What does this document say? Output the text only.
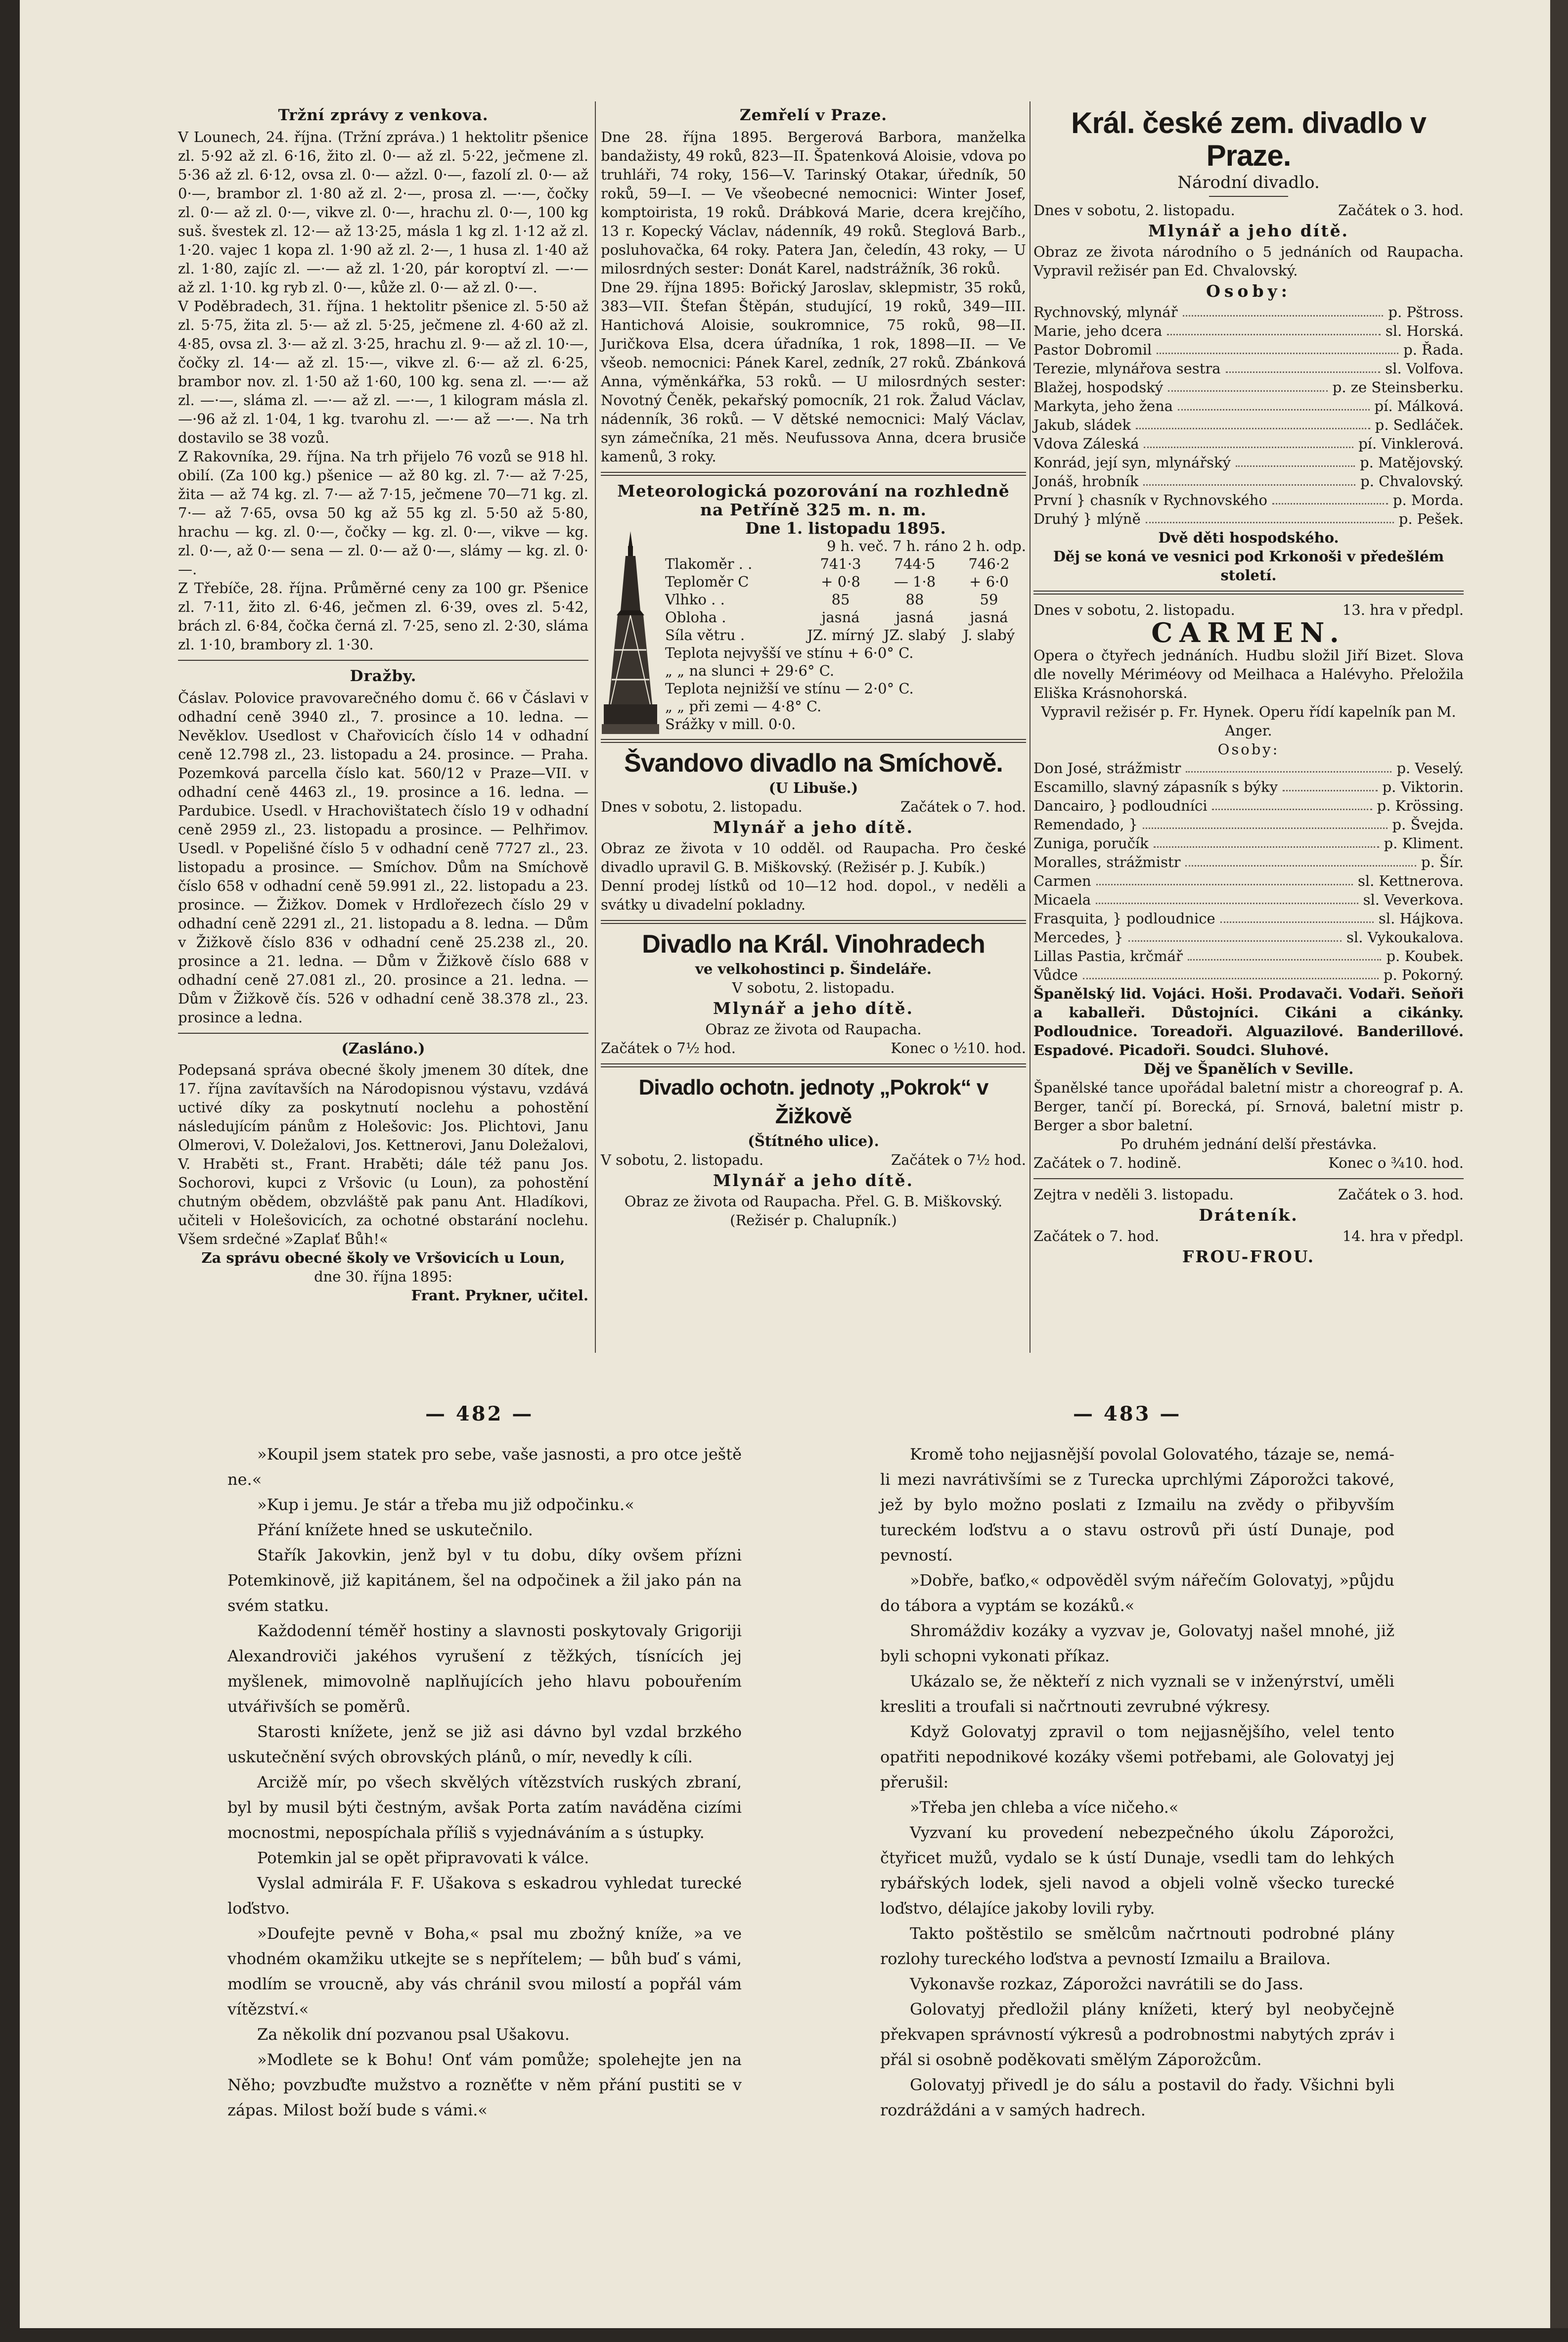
Tržní zprávy z venkova.

V Lounech, 24. října. (Tržní zpráva.) 1 hektolitr pšenice zl. 5·92 až zl. 6·16, žito zl. 0·— až zl. 5·22, ječmene zl. 5·36 až zl. 6·12, ovsa zl. 0·— ažzl. 0·—, fazolí zl. 0·— až 0·—, brambor zl. 1·80 až zl. 2·—, prosa zl. —·—, čočky zl. 0·— až zl. 0·—, vikve zl. 0·—, hrachu zl. 0·—, 100 kg suš. švestek zl. 12·— až 13·25, másla 1 kg zl. 1·12 až zl. 1·20. vajec 1 kopa zl. 1·90 až zl. 2·—, 1 husa zl. 1·40 až zl. 1·80, zajíc zl. —·— až zl. 1·20, pár koroptví zl. —·— až zl. 1·10. kg ryb zl. 0·—, kůže zl. 0·— až zl. 0·—.

V Poděbradech, 31. října. 1 hektolitr pšenice zl. 5·50 až zl. 5·75, žita zl. 5·— až zl. 5·25, ječmene zl. 4·60 až zl. 4·85, ovsa zl. 3·— až zl. 3·25, hrachu zl. 9·— až zl. 10·—, čočky zl. 14·— až zl. 15·—, vikve zl. 6·— až zl. 6·25, brambor nov. zl. 1·50 až 1·60, 100 kg. sena zl. —·— až zl. —·—, sláma zl. —·— až zl. —·—, 1 kilogram másla zl. —·96 až zl. 1·04, 1 kg. tvarohu zl. —·— až —·—. Na trh dostavilo se 38 vozů.

Z Rakovníka, 29. října. Na trh přijelo 76 vozů se 918 hl. obilí. (Za 100 kg.) pšenice — až 80 kg. zl. 7·— až 7·25, žita — až 74 kg. zl. 7·— až 7·15, ječmene 70—71 kg. zl. 7·— až 7·65, ovsa 50 kg až 55 kg zl. 5·50 až 5·80, hrachu — kg. zl. 0·—, čočky — kg. zl. 0·—, vikve — kg. zl. 0·—, až 0·— sena — zl. 0·— až 0·—, slámy — kg. zl. 0·—.

Z Třebíče, 28. října. Průměrné ceny za 100 gr. Pšenice zl. 7·11, žito zl. 6·46, ječmen zl. 6·39, oves zl. 5·42, brách zl. 6·84, čočka černá zl. 7·25, seno zl. 2·30, sláma zl. 1·10, brambory zl. 1·30.

Dražby.

Čáslav. Polovice pravovarečného domu č. 66 v Čáslavi v odhadní ceně 3940 zl., 7. prosince a 10. ledna. — Nevěklov. Usedlost v Chařovicích číslo 14 v odhadní ceně 12.798 zl., 23. listopadu a 24. prosince. — Praha. Pozemková parcella číslo kat. 560/12 v Praze—VII. v odhadní ceně 4463 zl., 19. prosince a 16. ledna. — Pardubice. Usedl. v Hrachovištatech číslo 19 v odhadní ceně 2959 zl., 23. listopadu a prosince. — Pelhřimov. Usedl. v Popelišné číslo 5 v odhadní ceně 7727 zl., 23. listopadu a prosince. — Smíchov. Dům na Smíchově číslo 658 v odhadní ceně 59.991 zl., 22. listopadu a 23. prosince. — Žižkov. Domek v Hrdlořezech číslo 29 v odhadní ceně 2291 zl., 21. listopadu a 8. ledna. — Dům v Žižkově číslo 836 v odhadní ceně 25.238 zl., 20. prosince a 21. ledna. — Dům v Žižkově číslo 688 v odhadní ceně 27.081 zl., 20. prosince a 21. ledna. — Dům v Žižkově čís. 526 v odhadní ceně 38.378 zl., 23. prosince a ledna.

(Zasláno.)

Podepsaná správa obecné školy jmenem 30 dítek, dne 17. října zavítavších na Národopisnou výstavu, vzdává uctivé díky za poskytnutí noclehu a pohostění následujícím pánům z Holešovic: Jos. Plichtovi, Janu Olmerovi, V. Doležalovi, Jos. Kettnerovi, Janu Doležalovi, V. Hraběti st., Frant. Hraběti; dále též panu Jos. Sochorovi, kupci z Vršovic (u Loun), za pohostění chutným obědem, obzvláště pak panu Ant. Hladíkovi, učiteli v Holešovicích, za ochotné obstarání noclehu. Všem srdečné »Zaplať Bůh!«

Za správu obecné školy ve Vršovicích u Loun,
dne 30. října 1895:
Frant. Prykner, učitel.
Zemřelí v Praze.

Dne 28. října 1895. Bergerová Barbora, manželka bandažisty, 49 roků, 823—II. Špatenková Aloisie, vdova po truhláři, 74 roky, 156—V. Tarinský Otakar, úředník, 50 roků, 59—I. — Ve všeobecné nemocnici: Winter Josef, komptoirista, 19 roků. Drábková Marie, dcera krejčího, 13 r. Kopecký Václav, nádenník, 49 roků. Steglová Barb., posluhovačka, 64 roky. Patera Jan, čeledín, 43 roky, — U milosrdných sester: Donát Karel, nadstrážník, 36 roků.

Dne 29. října 1895: Bořický Jaroslav, sklepmistr, 35 roků, 383—VII. Štefan Štěpán, studující, 19 roků, 349—III. Hantichová Aloisie, soukromnice, 75 roků, 98—II. Juričkova Elsa, dcera úřadníka, 1 rok, 1898—II. — Ve všeob. nemocnici: Pánek Karel, zedník, 27 roků. Zbánková Anna, výměnkářka, 53 roků. — U milosrdných sester: Novotný Čeněk, pekařský pomocník, 21 rok. Žalud Václav, nádenník, 36 roků. — V dětské nemocnici: Malý Václav, syn zámečníka, 21 měs. Neufussova Anna, dcera brusiče kamenů, 3 roky.

Meteorologická pozorování na rozhledně
na Petříně 325 m. n. m.
Dne 1. listopadu 1895.
9 h. več. 7 h. ráno 2 h. odp.
Tlakoměr . .	741·3	744·5	746·2
Teploměr C	+ 0·8	— 1·8	+ 6·0
Vlhko . .	85	88	59
Obloha .	jasná	jasná	jasná
Síla větru .	JZ. mírný JZ. slabý	J. slabý
Teplota nejvyšší ve stínu + 6·0° C.
„ „ na slunci + 29·6° C.
Teplota nejnižší ve stínu — 2·0° C.
„ „ při zemi — 4·8° C.
Srážky v mill. 0·0.
Švandovo divadlo na Smíchově.
(U Libuše.)
Dnes v sobotu, 2. listopadu.	Začátek o 7. hod.
Mlynář a jeho dítě.

Obraz ze života v 10 odděl. od Raupacha. Pro české divadlo upravil G. B. Miškovský. (Režisér p. J. Kubík.)

Denní prodej lístků od 10—12 hod. dopol., v neděli a svátky u divadelní pokladny.

Divadlo na Král. Vinohradech
ve velkohostinci p. Šindeláře.
V sobotu, 2. listopadu.
Mlynář a jeho dítě.
Obraz ze života od Raupacha.
Začátek o 7½ hod.	Konec o ½10. hod.
Divadlo ochotn. jednoty „Pokrok“ v Žižkově
(Štítného ulice).
V sobotu, 2. listopadu.	Začátek o 7½ hod.
Mlynář a jeho dítě.
Obraz ze života od Raupacha. Přel. G. B. Miškovský. (Režisér p. Chalupník.)
Král. české zem. divadlo v Praze.
Národní divadlo.
Dnes v sobotu, 2. listopadu.	Začátek o 3. hod.
Mlynář a jeho dítě.

Obraz ze života národního o 5 jednáních od Raupacha. Vypravil režisér pan Ed. Chvalovský.

Osoby:
Rychnovský, mlynář	p. Pštross.
Marie, jeho dcera	sl. Horská.
Pastor Dobromil	p. Řada.
Terezie, mlynářova sestra	sl. Volfova.
Blažej, hospodský	p. ze Steinsberku.
Markyta, jeho žena	pí. Málková.
Jakub, sládek	p. Sedláček.
Vdova Záleská	pí. Vinklerová.
Konrád, její syn, mlynářský	p. Matějovský.
Jonáš, hrobník	p. Chvalovský.
První } chasník v Rychnovského	p. Morda.
Druhý } mlýně	p. Pešek.
Dvě děti hospodského.
Děj se koná ve vesnici pod Krkonoši v předešlém století.
Dnes v sobotu, 2. listopadu.	13. hra v předpl.
CARMEN.

Opera o čtyřech jednáních. Hudbu složil Jiří Bizet. Slova dle novelly Mériméovy od Meilhaca a Halévyho. Přeložila Eliška Krásnohorská.

Vypravil režisér p. Fr. Hynek. Operu řídí kapelník pan M. Anger.

Osoby:
Don José, strážmistr	p. Veselý.
Escamillo, slavný zápasník s býky	p. Viktorin.
Dancairo, } podloudníci	p. Krössing.
Remendado, }	p. Švejda.
Zuniga, poručík	p. Kliment.
Moralles, strážmistr	p. Šír.
Carmen	sl. Kettnerova.
Micaela	sl. Veverkova.
Frasquita, } podloudnice	sl. Hájkova.
Mercedes, }	sl. Vykoukalova.
Lillas Pastia, krčmář	p. Koubek.
Vůdce	p. Pokorný.

Španělský lid. Vojáci. Hoši. Prodavači. Vodaři. Seňoři a kaballeři. Důstojníci. Cikáni a cikánky. Podloudnice. Toreadoři. Alguazilové. Banderillové. Espadové. Picadoři. Soudci. Sluhové.

Děj ve Španělích v Seville.

Španělské tance upořádal baletní mistr a choreograf p. A. Berger, tančí pí. Borecká, pí. Srnová, baletní mistr p. Berger a sbor baletní.

Po druhém jednání delší přestávka.
Začátek o 7. hodině.	Konec o ¾10. hod.
Zejtra v neděli 3. listopadu.	Začátek o 3. hod.
Dráteník.
Začátek o 7. hod.	14. hra v předpl.
FROU-FROU.
— 482 —	— 483 —

»Koupil jsem statek pro sebe, vaše jasnosti, a pro otce ještě ne.«

»Kup i jemu. Je stár a třeba mu již odpočinku.«

Přání knížete hned se uskutečnilo.

Stařík Jakovkin, jenž byl v tu dobu, díky ovšem přízni Potemkinově, již kapitánem, šel na odpočinek a žil jako pán na svém statku.

Každodenní téměř hostiny a slavnosti poskytovaly Grigoriji Alexandroviči jakéhos vyrušení z těžkých, tísnících jej myšlenek, mimovolně naplňujících jeho hlavu pobouřením utvářivších se poměrů.

Starosti knížete, jenž se již asi dávno byl vzdal brzkého uskutečnění svých obrovských plánů, o mír, nevedly k cíli.

Arcižě mír, po všech skvělých vítězstvích ruských zbraní, byl by musil býti čestným, avšak Porta zatím naváděna cizími mocnostmi, nepospíchala příliš s vyjednáváním a s ústupky.

Potemkin jal se opět připravovati k válce.

Vyslal admirála F. F. Ušakova s eskadrou vyhledat turecké loďstvo.

»Doufejte pevně v Boha,« psal mu zbožný kníže, »a ve vhodném okamžiku utkejte se s nepřítelem; — bůh buď s vámi, modlím se vroucně, aby vás chránil svou milostí a popřál vám vítězství.«

Za několik dní pozvanou psal Ušakovu.

»Modlete se k Bohu! Onť vám pomůže; spolehejte jen na Něho; povzbuďte mužstvo a rozněťte v něm přání pustiti se v zápas. Milost boží bude s vámi.«

Kromě toho nejjasnější povolal Golovatého, tázaje se, nemá-li mezi navrátivšími se z Turecka uprchlými Záporožci takové, jež by bylo možno poslati z Izmailu na zvědy o přibyvším tureckém loďstvu a o stavu ostrovů při ústí Dunaje, pod pevností.

»Dobře, baťko,« odpověděl svým nářečím Golovatyj, »půjdu do tábora a vyptám se kozáků.«

Shromáždiv kozáky a vyzvav je, Golovatyj našel mnohé, již byli schopni vykonati příkaz.

Ukázalo se, že někteří z nich vyznali se v inženýrství, uměli kresliti a troufali si načrtnouti zevrubné výkresy.

Když Golovatyj zpravil o tom nejjasnějšího, velel tento opatřiti nepodnikové kozáky všemi potřebami, ale Golovatyj jej přerušil:

»Třeba jen chleba a více ničeho.«

Vyzvaní ku provedení nebezpečného úkolu Záporožci, čtyřicet mužů, vydalo se k ústí Dunaje, vsedli tam do lehkých rybářských lodek, sjeli navod a objeli volně všecko turecké loďstvo, délajíce jakoby lovili ryby.

Takto poštěstilo se smělcům načrtnouti podrobné plány rozlohy tureckého loďstva a pevností Izmailu a Brailova.

Vykonavše rozkaz, Záporožci navrátili se do Jass.

Golovatyj předložil plány knížeti, který byl neobyčejně překvapen správností výkresů a podrobnostmi nabytých zpráv i přál si osobně poděkovati smělým Záporožcům.

Golovatyj přivedl je do sálu a postavil do řady. Všichni byli rozdráždáni a v samých hadrech.
